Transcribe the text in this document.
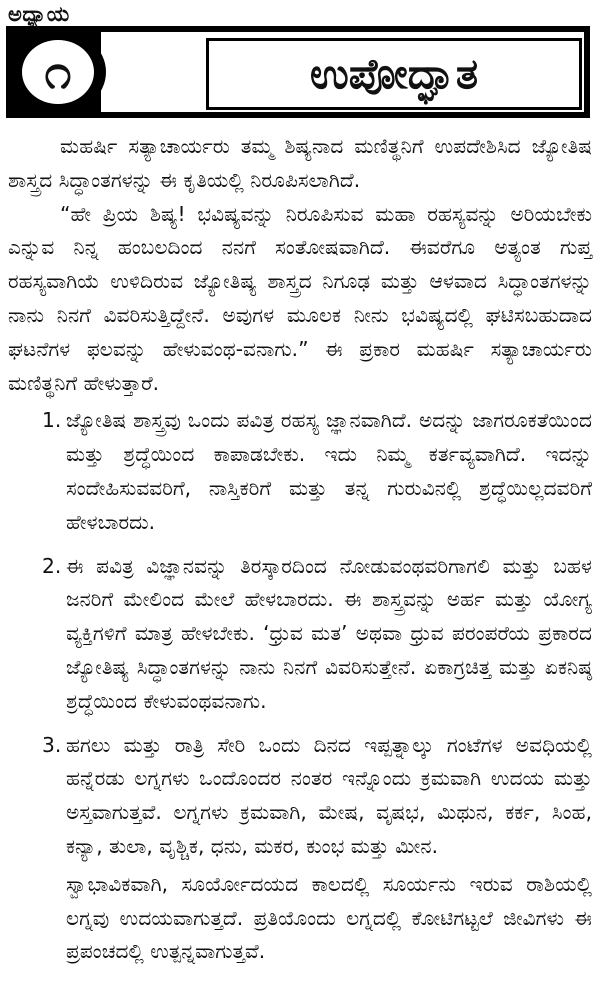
ಅಧ್ಯಾಯ
೧	ಉಪೋದ್ಘಾತ

ಮಹರ್ಷಿ ಸತ್ಯಾಚಾರ್ಯರು ತಮ್ಮ ಶಿಷ್ಯನಾದ ಮಣಿತ್ಥನಿಗೆ ಉಪದೇಶಿಸಿದ ಜ್ಯೋತಿಷ ಶಾಸ್ತ್ರದ ಸಿದ್ಧಾಂತಗಳನ್ನು ಈ ಕೃತಿಯಲ್ಲಿ ನಿರೂಪಿಸಲಾಗಿದೆ.

“ಹೇ ಪ್ರಿಯ ಶಿಷ್ಯ! ಭವಿಷ್ಯವನ್ನು ನಿರೂಪಿಸುವ ಮಹಾ ರಹಸ್ಯವನ್ನು ಅರಿಯಬೇಕು ಎನ್ನುವ ನಿನ್ನ ಹಂಬಲದಿಂದ ನನಗೆ ಸಂತೋಷವಾಗಿದೆ. ಈವರೆಗೂ ಅತ್ಯಂತ ಗುಪ್ತ ರಹಸ್ಯವಾಗಿಯೆ ಉಳಿದಿರುವ ಜ್ಯೋತಿಷ್ಯ ಶಾಸ್ತ್ರದ ನಿಗೂಢ ಮತ್ತು ಆಳವಾದ ಸಿದ್ಧಾಂತಗಳನ್ನು ನಾನು ನಿನಗೆ ವಿವರಿಸುತ್ತಿದ್ದೇನೆ. ಅವುಗಳ ಮೂಲಕ ನೀನು ಭವಿಷ್ಯದಲ್ಲಿ ಘಟಿಸಬಹುದಾದ ಘಟನೆಗಳ ಫಲವನ್ನು ಹೇಳುವಂಥ-ವನಾಗು.” ಈ ಪ್ರಕಾರ ಮಹರ್ಷಿ ಸತ್ಯಾಚಾರ್ಯರು ಮಣಿತ್ಥನಿಗೆ ಹೇಳುತ್ತಾರೆ.

1. ಜ್ಯೋತಿಷ ಶಾಸ್ತ್ರವು ಒಂದು ಪವಿತ್ರ ರಹಸ್ಯ ಜ್ಞಾನವಾಗಿದೆ. ಅದನ್ನು ಜಾಗರೂಕತೆಯಿಂದ ಮತ್ತು ಶ್ರದ್ಧೆಯಿಂದ ಕಾಪಾಡಬೇಕು. ಇದು ನಿಮ್ಮ ಕರ್ತವ್ಯವಾಗಿದೆ. ಇದನ್ನು ಸಂದೇಹಿಸುವವರಿಗೆ, ನಾಸ್ತಿಕರಿಗೆ ಮತ್ತು ತನ್ನ ಗುರುವಿನಲ್ಲಿ ಶ್ರದ್ಧೆಯಿಲ್ಲದವರಿಗೆ ಹೇಳಬಾರದು.
2. ಈ ಪವಿತ್ರ ವಿಜ್ಞಾನವನ್ನು ತಿರಸ್ಕಾರದಿಂದ ನೋಡುವಂಥವರಿಗಾಗಲಿ ಮತ್ತು ಬಹಳ ಜನರಿಗೆ ಮೇಲಿಂದ ಮೇಲೆ ಹೇಳಬಾರದು. ಈ ಶಾಸ್ತ್ರವನ್ನು ಅರ್ಹ ಮತ್ತು ಯೋಗ್ಯ ವ್ಯಕ್ತಿಗಳಿಗೆ ಮಾತ್ರ ಹೇಳಬೇಕು. ‘ಧ್ರುವ ಮತ’ ಅಥವಾ ಧ್ರುವ ಪರಂಪರೆಯ ಪ್ರಕಾರದ ಜ್ಯೋತಿಷ್ಯ ಸಿದ್ಧಾಂತಗಳನ್ನು ನಾನು ನಿನಗೆ ವಿವರಿಸುತ್ತೇನೆ. ಏಕಾಗ್ರಚಿತ್ತ ಮತ್ತು ಏಕನಿಷ್ಠ ಶ್ರದ್ಧೆಯಿಂದ ಕೇಳುವಂಥವನಾಗು.
3. ಹಗಲು ಮತ್ತು ರಾತ್ರಿ ಸೇರಿ ಒಂದು ದಿನದ ಇಪ್ಪತ್ನಾಲ್ಕು ಗಂಟೆಗಳ ಅವಧಿಯಲ್ಲಿ ಹನ್ನೆರಡು ಲಗ್ನಗಳು ಒಂದೊಂದರ ನಂತರ ಇನ್ನೊಂದು ಕ್ರಮವಾಗಿ ಉದಯ ಮತ್ತು ಅಸ್ತವಾಗುತ್ತವೆ. ಲಗ್ನಗಳು ಕ್ರಮವಾಗಿ, ಮೇಷ, ವೃಷಭ, ಮಿಥುನ, ಕರ್ಕ, ಸಿಂಹ, ಕನ್ಯಾ, ತುಲಾ, ವೃಶ್ಚಿಕ, ಧನು, ಮಕರ, ಕುಂಭ ಮತ್ತು ಮೀನ.

ಸ್ವಾಭಾವಿಕವಾಗಿ, ಸೂರ್ಯೋದಯದ ಕಾಲದಲ್ಲಿ ಸೂರ್ಯನು ಇರುವ ರಾಶಿಯಲ್ಲಿ ಲಗ್ನವು ಉದಯವಾಗುತ್ತದೆ. ಪ್ರತಿಯೊಂದು ಲಗ್ನದಲ್ಲಿ ಕೋಟಿಗಟ್ಟಲೆ ಜೀವಿಗಳು ಈ ಪ್ರಪಂಚದಲ್ಲಿ ಉತ್ಪನ್ನವಾಗುತ್ತವೆ.
